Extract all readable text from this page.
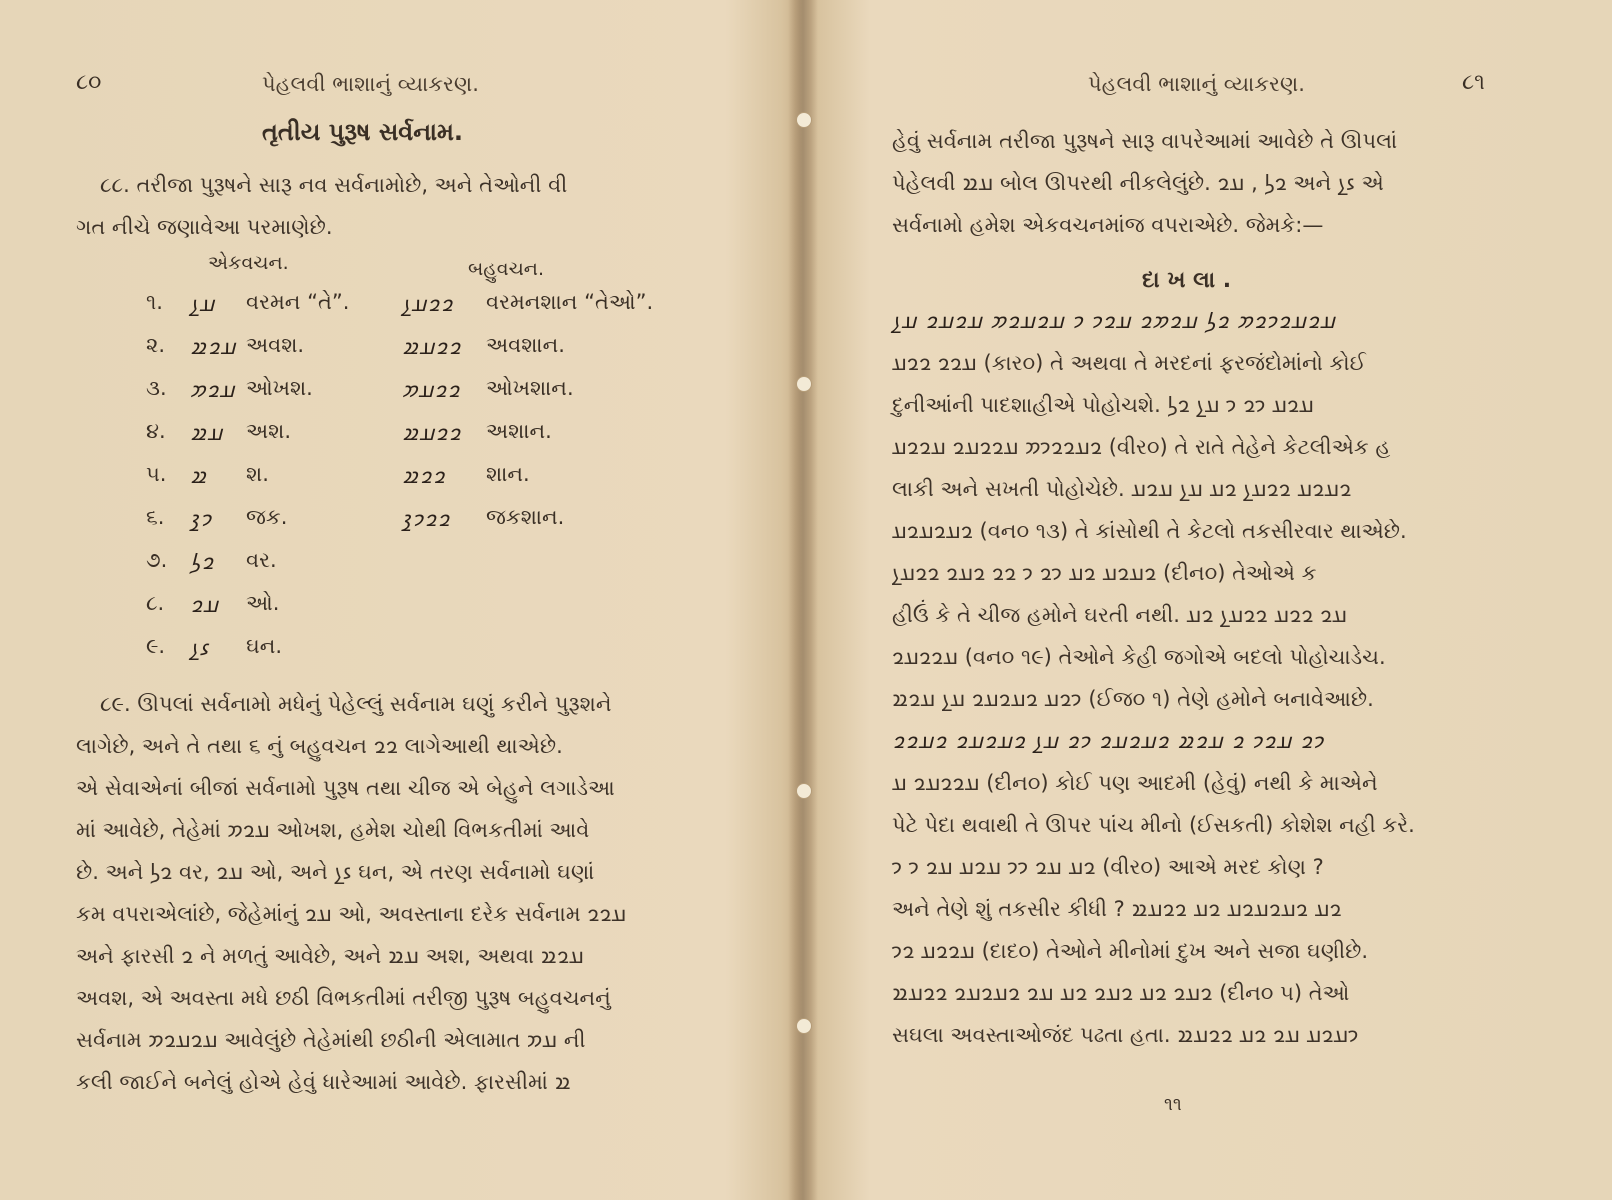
૮૦	પેહલવી ભાશાનું વ્યાકરણ.
તૃતીય પુરૂષ સર્વનામ.
૮૮. તરીજા પુરૂષને સારૂ નવ સર્વનામોછે, અને તેઓની વી
ગત નીચે જણાવેઆ પરમાણેછે.
એકવચન.	બહુવચન.
૧. 𐭠𐭭 વરમન “તે”.	𐭥𐭥𐭠𐭭 વરમનશાન “તેઓ”.
૨. 𐭠𐭥𐭱 અવશ.	𐭥𐭥𐭠𐭱 અવશાન.
૩. 𐭠𐭥𐭮 ઓખશ.	𐭥𐭥𐭠𐭮 ઓખશાન.
૪. 𐭠𐭱 અશ.	𐭥𐭥𐭠𐭱 અશાન.
૫. 𐭱 શ.	𐭥𐭥𐭱 શાન.
૬. 𐭩𐭪 જક.	𐭥𐭥𐭩𐭪 જકશાન.
૭. 𐭥𐭫 વર.
૮. 𐭠𐭥 ઓ.
૯. 𐭦𐭭 ઘન.
૮૯. ઊપલાં સર્વનામો મધેનું પેહેલ્લું સર્વનામ ઘણું કરીને પુરૂશને
લાગેછે, અને તે તથા ૬ નું બહુવચન 𐭥𐭥 લાગેઆથી થાએછે.
એ સેવાએનાં બીજાં સર્વનામો પુરૂષ તથા ચીજ એ બેહુને લગાડેઆ
માં આવેછે, તેહેમાં 𐭠𐭥𐭮 ઓખશ, હમેશ ચોથી વિભકતીમાં આવે
છે. અને 𐭥𐭫 વર, 𐭠𐭥 ઓ, અને 𐭦𐭭 ઘન, એ તરણ સર્વનામો ઘણાં
કમ વપરાએલાંછે, જેહેમાંનું 𐭠𐭥 ઓ, અવસ્તાના દરેક સર્વનામ 𐭠𐭥𐭥
અને ફારસી 𐭥 ને મળતું આવેછે, અને 𐭠𐭱 અશ, અથવા 𐭠𐭥𐭱
અવશ, એ અવસ્તા મધે છઠી વિભકતીમાં તરીજી પુરૂષ બહુવચનનું
સર્વનામ 𐭠𐭥𐭠𐭥𐭮 આવેલુંછે તેહેમાંથી છઠીની એલામાત 𐭠𐭮 ની
કલી જાઈને બનેલું હોએ હેવું ધારેઆમાં આવેછે. ફારસીમાં 𐭱
પેહલવી ભાશાનું વ્યાકરણ.	૮૧
હેવું સર્વનામ તરીજા પુરૂષને સારૂ વાપરેઆમાં આવેછે તે ઊપલાં
પેહેલવી 𐭠𐭱 બોલ ઊપરથી નીકલેલુંછે. 𐭥𐭫 , 𐭠𐭥 અને 𐭦𐭭 એ
સર્વનામો હમેશ એકવચનમાંજ વપરાએછે. જેમકે:—
દા ખ લા .
𐭠𐭥𐭠𐭥𐭩𐭥𐭮 𐭥𐭫 𐭠𐭥𐭮𐭥 𐭠𐭥𐭩 𐭩 𐭠𐭥𐭠𐭥𐭮 𐭠𐭥𐭠𐭥 𐭠𐭭
𐭠𐭥𐭥 𐭥𐭥𐭠 (કાર૦) તે અથવા તે મરદનાં ફરજંદોમાંનો કોઈ
દુનીઆંની પાદશાહીએ પોહોચશે. 𐭠𐭥𐭠 𐭩𐭥 𐭩 𐭠𐭭 𐭥𐭫
𐭥𐭠𐭥𐭥𐭩𐭮 𐭠𐭥𐭥𐭠𐭥 𐭠𐭥𐭥𐭠 (વીર૦) તે રાતે તેહેને કેટલીએક હ
લાકી અને સખતી પોહોચેછે. 𐭥𐭠𐭥𐭠 𐭥𐭥𐭠𐭭 𐭥𐭠 𐭠𐭭 𐭠𐭥𐭠
𐭥𐭠𐭥𐭠𐭥𐭠 (વન૦ ૧૩) તે કાંસોથી તે કેટલો તકસીરવાર થાએછે.
𐭥𐭠𐭥𐭠 𐭥𐭠 𐭩𐭥 𐭩 𐭥𐭥 𐭥𐭠𐭥 𐭥𐭥𐭠𐭭 (દીન૦) તેઓએ ક
હીઉં કે તે ચીજ હમોને ઘરતી નથી. 𐭠𐭥 𐭥𐭥𐭠 𐭥𐭥𐭠𐭭 𐭥𐭠
𐭠𐭥𐭥𐭠𐭥 (વન૦ ૧૯) તેઓને કેહી જગોએ બદલો પોહોચાડેચ.
𐭩𐭥𐭠 𐭥𐭠𐭥𐭠𐭥 𐭠𐭭 𐭠𐭥𐭱 (ઈજ૦ ૧) તેણે હમોને બનાવેઆછે.
𐭩𐭥 𐭠𐭥𐭩 𐭥 𐭠𐭥𐭱 𐭥𐭠𐭥𐭠𐭥 𐭩𐭥 𐭠𐭭 𐭥𐭠𐭥𐭠𐭥 𐭥𐭠𐭥𐭥
𐭠𐭥𐭥𐭠𐭥 𐭠 (દીન૦) કોઈ પણ આદમી (હેવું) નથી કે માએને
પેટે પેદા થવાથી તે ઊપર પાંચ મીનો (ઈસકતી) કોશેશ નહી કરે.
𐭥𐭠 𐭠𐭥 𐭩𐭩 𐭠𐭥𐭠 𐭠𐭥 𐭩 𐭩 (વીર૦) આએ મરદ કોણ ?
અને તેણે શું તકસીર કીધી ? 𐭥𐭠 𐭥𐭠𐭥𐭠𐭥𐭠 𐭥𐭠 𐭥𐭥𐭠𐭱
𐭠𐭥𐭥𐭠 𐭥𐭩 (દાદ૦) તેઓને મીનોમાં દુખ અને સજા ઘણીછે.
𐭥𐭠𐭥 𐭥𐭠 𐭥𐭠𐭥 𐭥𐭠 𐭠𐭥 𐭥𐭠𐭥𐭠𐭥 𐭥𐭥𐭠𐭱 (દીન૦ ૫) તેઓ
સઘલા અવસ્તાઓજંદ પઢતા હતા. 𐭩𐭠𐭥𐭠 𐭠𐭥 𐭥𐭠 𐭥𐭥𐭠𐭱
૧૧
